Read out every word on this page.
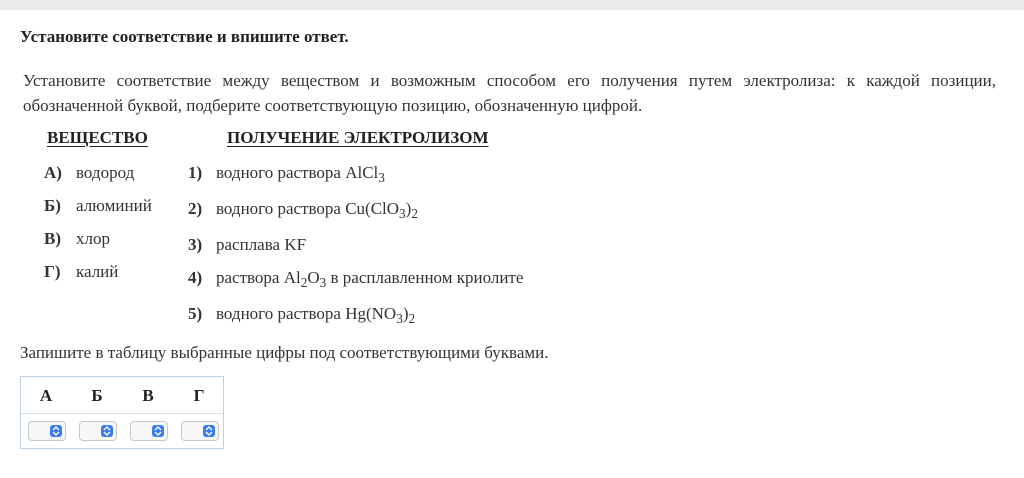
Установите соответствие и впишите ответ.
Установите соответствие между веществом и возможным способом его получения путем электролиза: к каждой позиции, обозначенной буквой, подберите соответствующую позицию, обозначенную цифрой.
ВЕЩЕСТВО	ПОЛУЧЕНИЕ ЭЛЕКТРОЛИЗОМ
А) водород
Б) алюминий
В) хлор
Г) калий
1) водного раствора AlCl$_3$
2) водного раствора $Cu(ClO_3)_2$
3) расплава KF
4) раствора $Al_2O_3$ в расплавленном криолите
5) водного раствора $Hg(NO_3)_2$
Запишите в таблицу выбранные цифры под соответствующими буквами.
А	Б	В	Г
